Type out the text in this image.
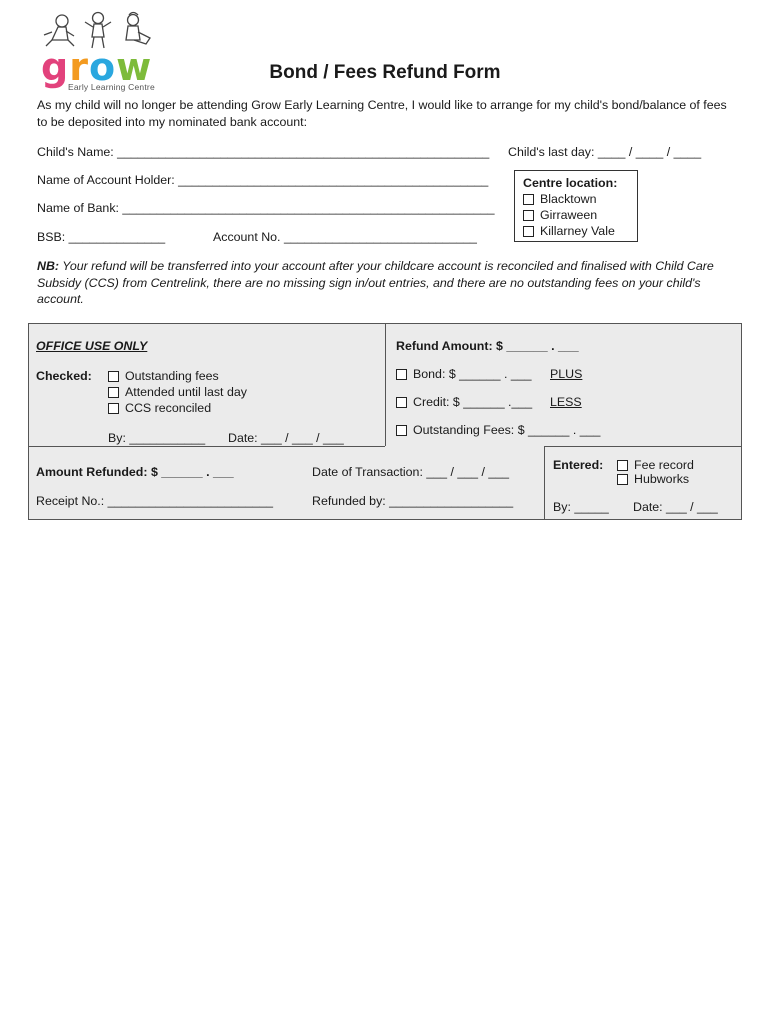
grow
Early Learning Centre
Bond / Fees Refund Form
As my child will no longer be attending Grow Early Learning Centre, I would like to arrange for my child's bond/balance of fees to be deposited into my nominated bank account:
Child's Name: ______________________________________________________ Child's last day: ____ / ____ / ____
Name of Account Holder: _____________________________________________
Name of Bank: ______________________________________________________
BSB: ______________	Account No. ____________________________
Centre location:
Blacktown
Girraween
Killarney Vale
NB: Your refund will be transferred into your account after your childcare account is reconciled and finalised with Child Care Subsidy (CCS) from Centrelink, there are no missing sign in/out entries, and there are no outstanding fees on your child's account.
OFFICE USE ONLY
Checked:	Outstanding fees
Attended until last day
CCS reconciled
By: ___________ Date: ___ / ___ / ___
Refund Amount: $ ______ . ___
Bond: $ ______ . ___ PLUS
Credit: $ ______ .___ LESS
Outstanding Fees: $ ______ . ___
Amount Refunded: $ ______ . ___	Date of Transaction: ___ / ___ / ___
Receipt No.: ________________________	Refunded by: __________________
Entered:	Fee record
Hubworks
By: _____ Date: ___ / ___
